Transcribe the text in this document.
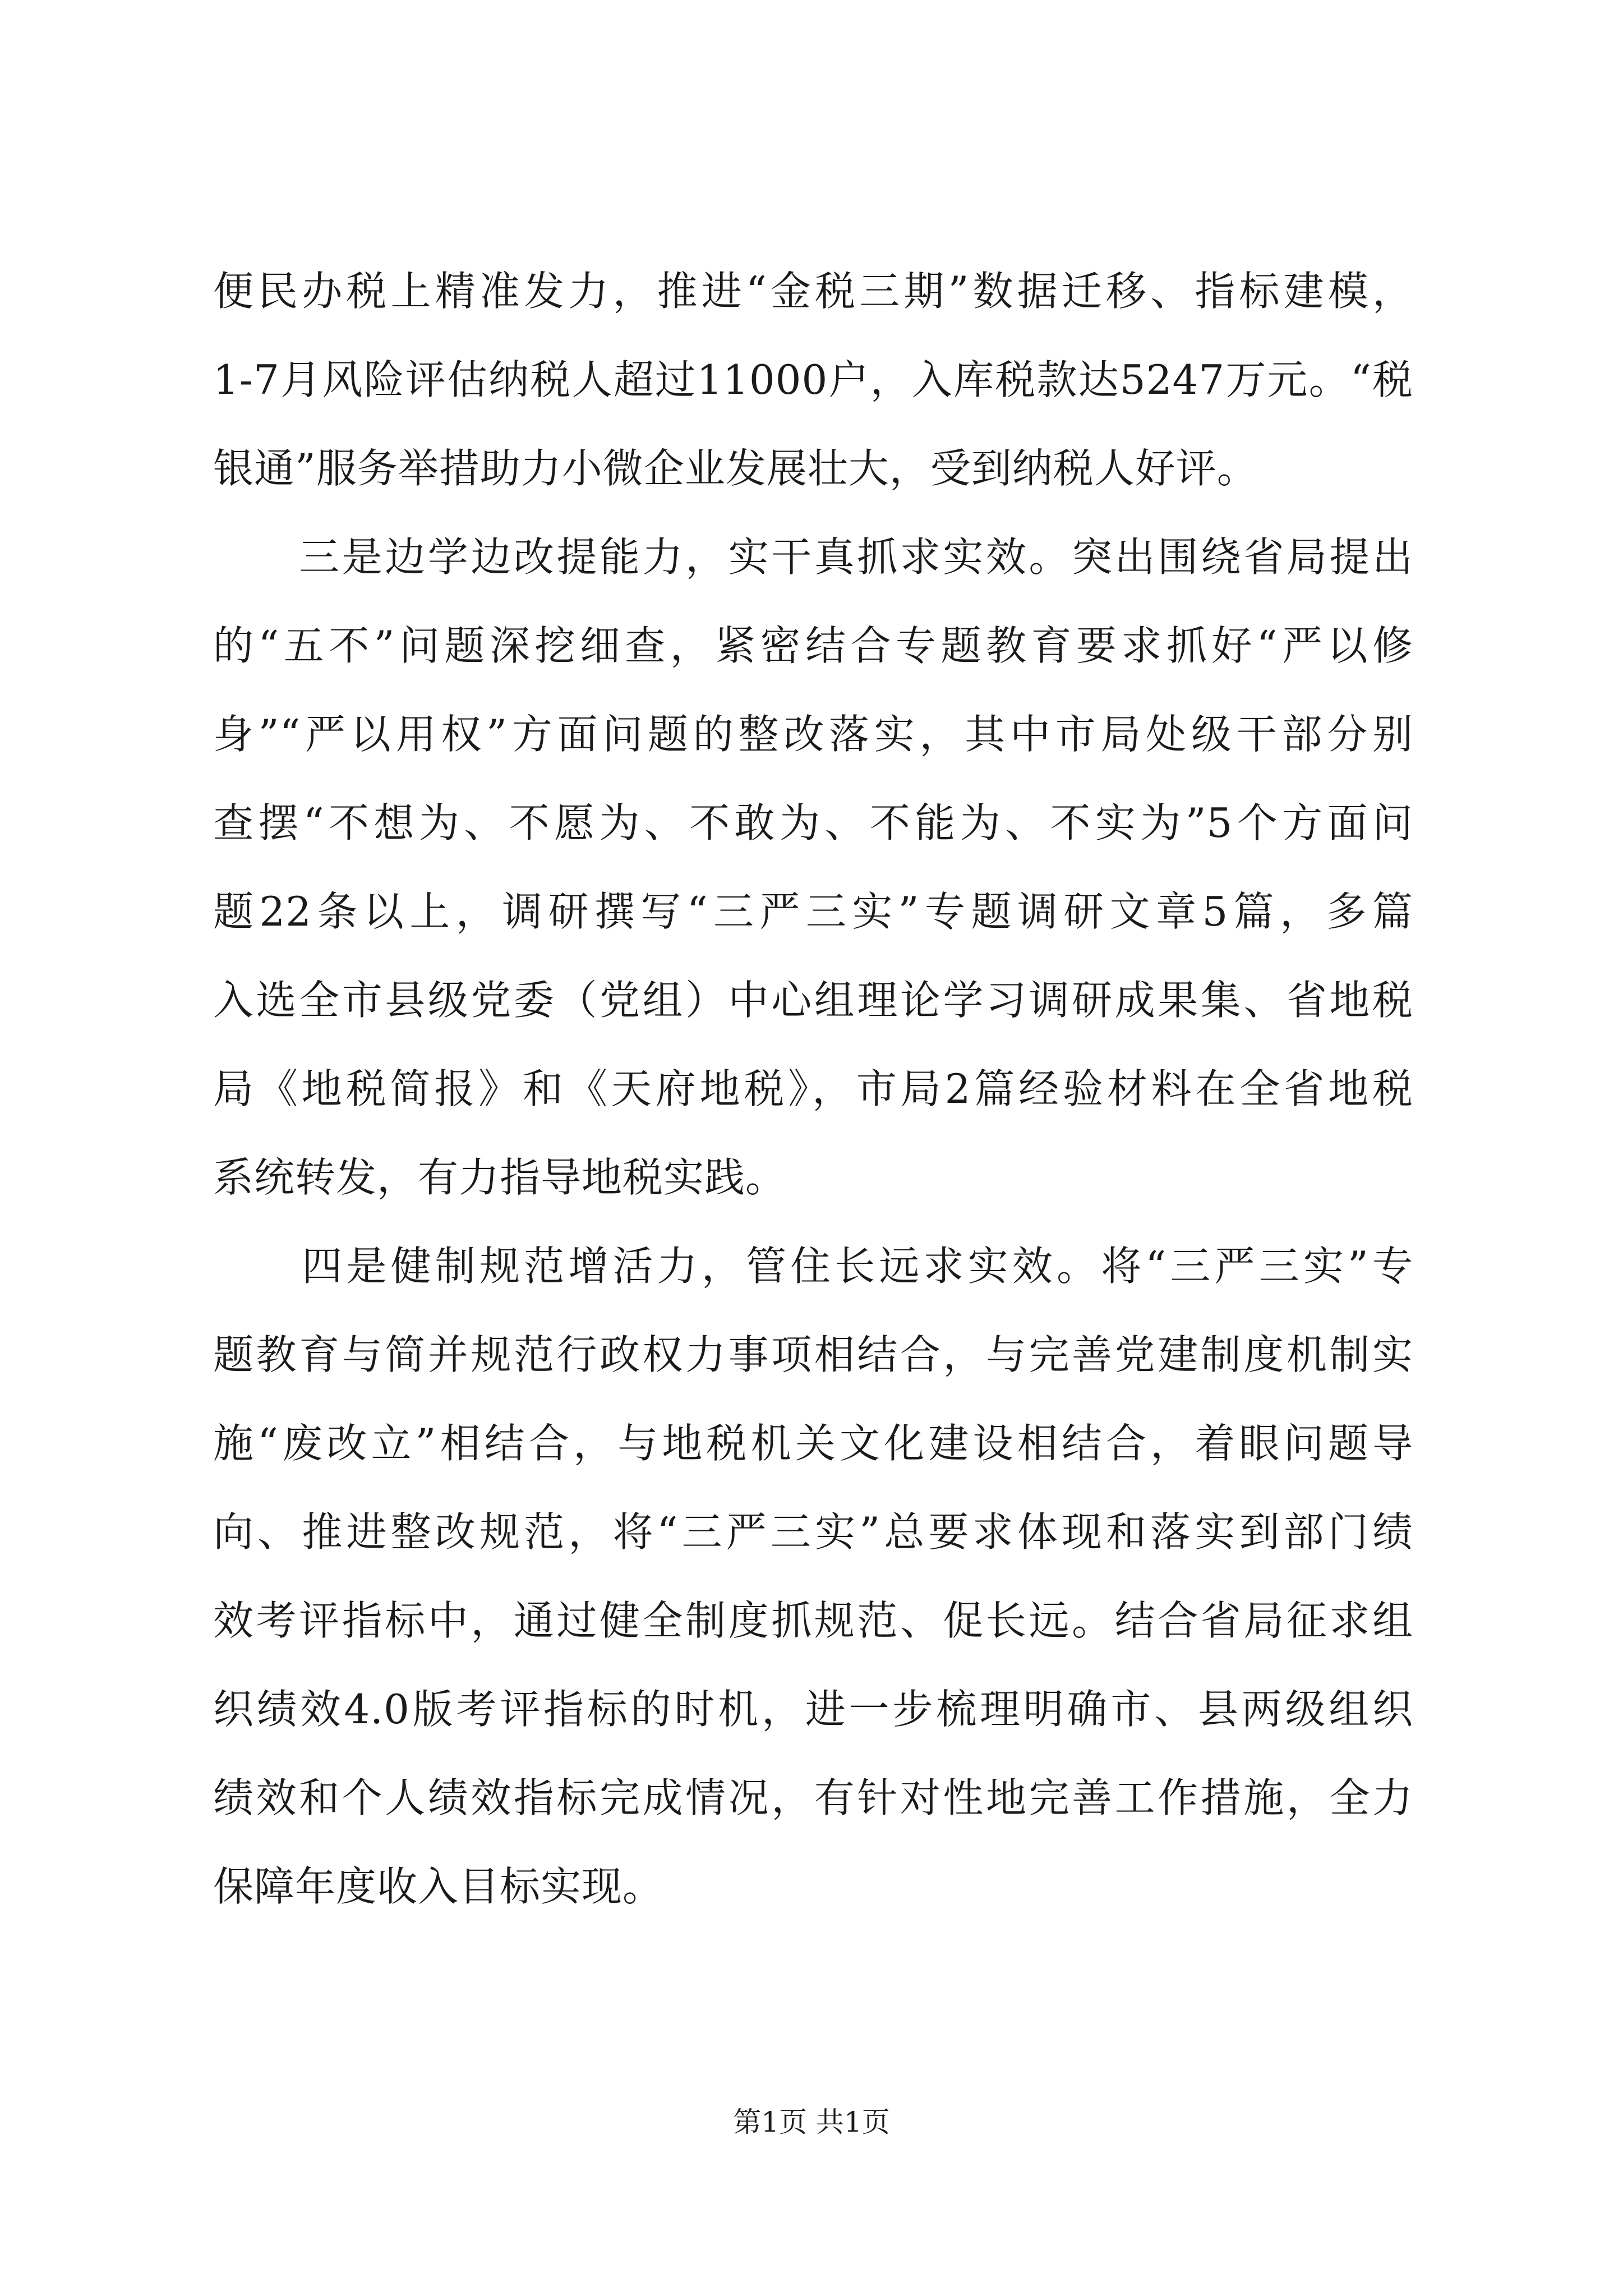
便民办税上精准发力，推进“金税三期”数据迁移、指标建模，
1-7月风险评估纳税人超过11000户，入库税款达5247万元。“税
银通”服务举措助力小微企业发展壮大，受到纳税人好评。
　　三是边学边改提能力，实干真抓求实效。突出围绕省局提出
的“五不”问题深挖细查，紧密结合专题教育要求抓好“严以修
身”“严以用权”方面问题的整改落实，其中市局处级干部分别
查摆“不想为、不愿为、不敢为、不能为、不实为”5个方面问
题22条以上，调研撰写“三严三实”专题调研文章5篇，多篇
入选全市县级党委（党组）中心组理论学习调研成果集、省地税
局《地税简报》和《天府地税》，市局2篇经验材料在全省地税
系统转发，有力指导地税实践。
　　四是健制规范增活力，管住长远求实效。将“三严三实”专
题教育与简并规范行政权力事项相结合，与完善党建制度机制实
施“废改立”相结合，与地税机关文化建设相结合，着眼问题导
向、推进整改规范，将“三严三实”总要求体现和落实到部门绩
效考评指标中，通过健全制度抓规范、促长远。结合省局征求组
织绩效4.0版考评指标的时机，进一步梳理明确市、县两级组织
绩效和个人绩效指标完成情况，有针对性地完善工作措施，全力
保障年度收入目标实现。
第1页 共1页
